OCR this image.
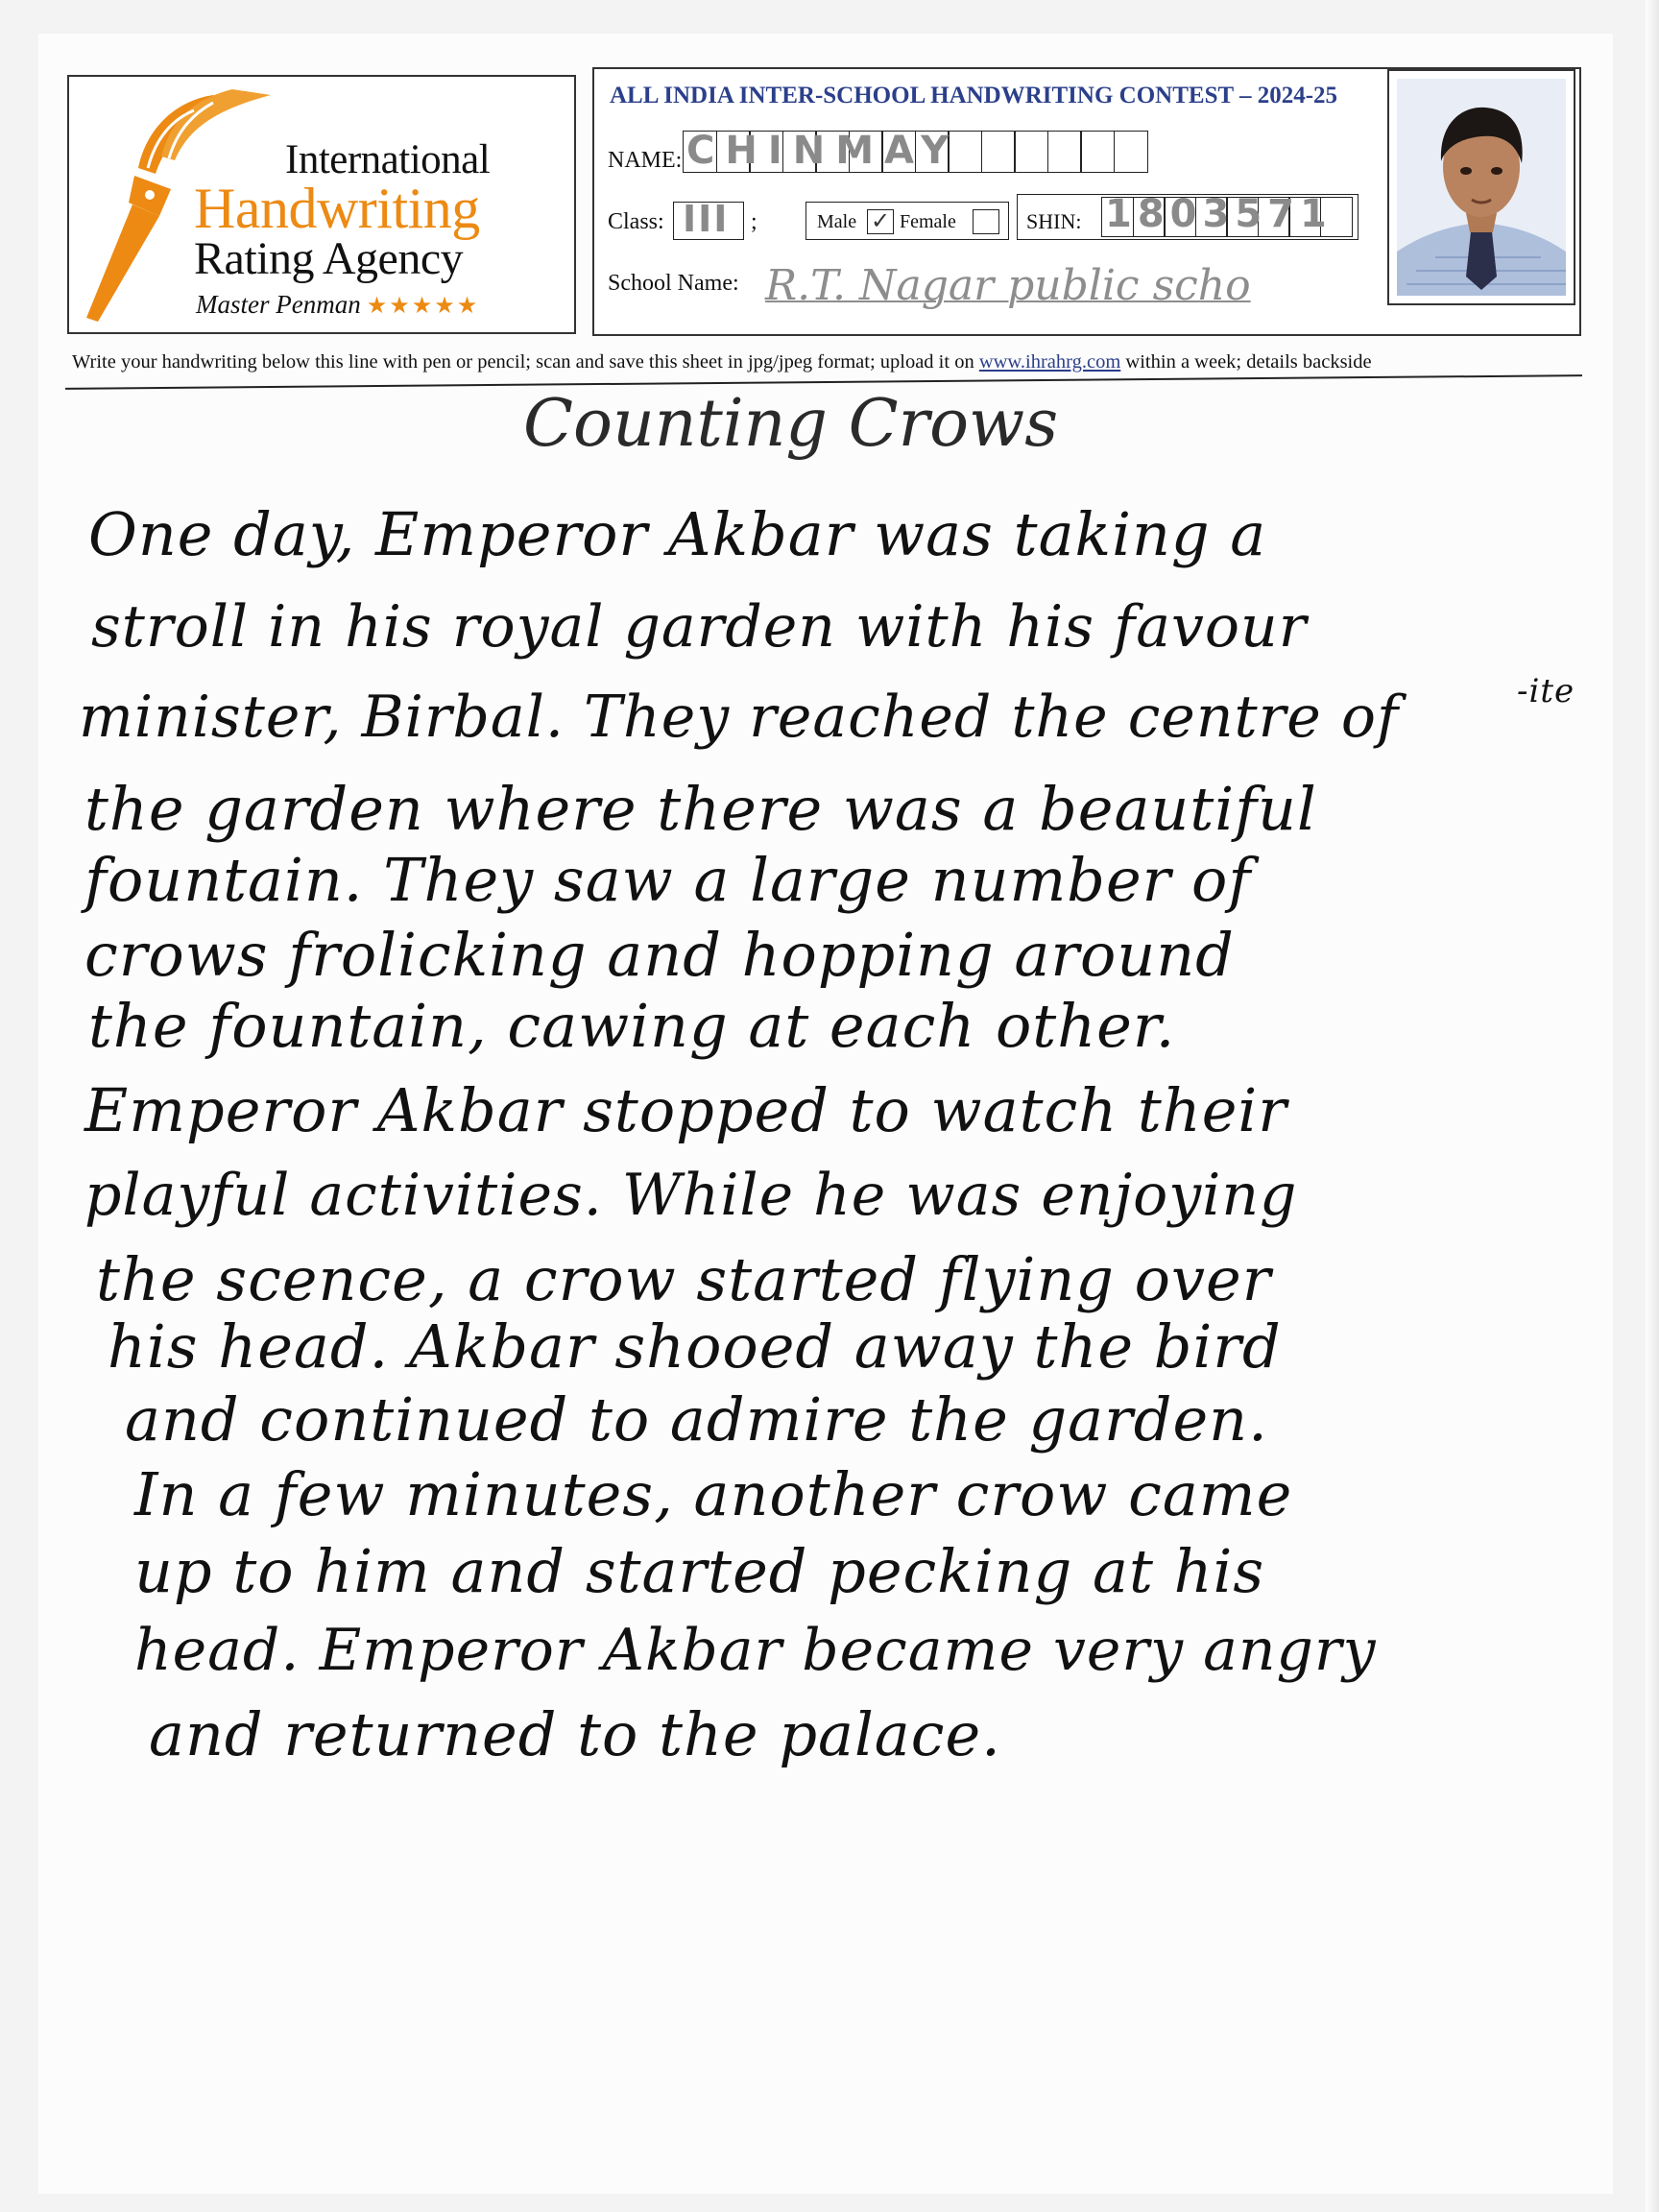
International
Handwriting
Rating Agency
Master Penman ★★★★★
ALL INDIA INTER-SCHOOL HANDWRITING CONTEST – 2024-25
NAME: CHINMAY
Class: III ;	Male ✓ Female	SHIN: 1803571
School Name: R.T. Nagar public scho
Write your handwriting below this line with pen or pencil; scan and save this sheet in jpg/jpeg format; upload it on www.ihrahrg.com within a week; details backside
Counting Crows
One day, Emperor Akbar was taking a
stroll in his royal garden with his favour
minister, Birbal. They reached the centre of	-ite
the garden where there was a beautiful
fountain. They saw a large number of
crows frolicking and hopping around
the fountain, cawing at each other.
Emperor Akbar stopped to watch their
playful activities. While he was enjoying
the scence, a crow started flying over
his head. Akbar shooed away the bird
and continued to admire the garden.
In a few minutes, another crow came
up to him and started pecking at his
head. Emperor Akbar became very angry
and returned to the palace.
